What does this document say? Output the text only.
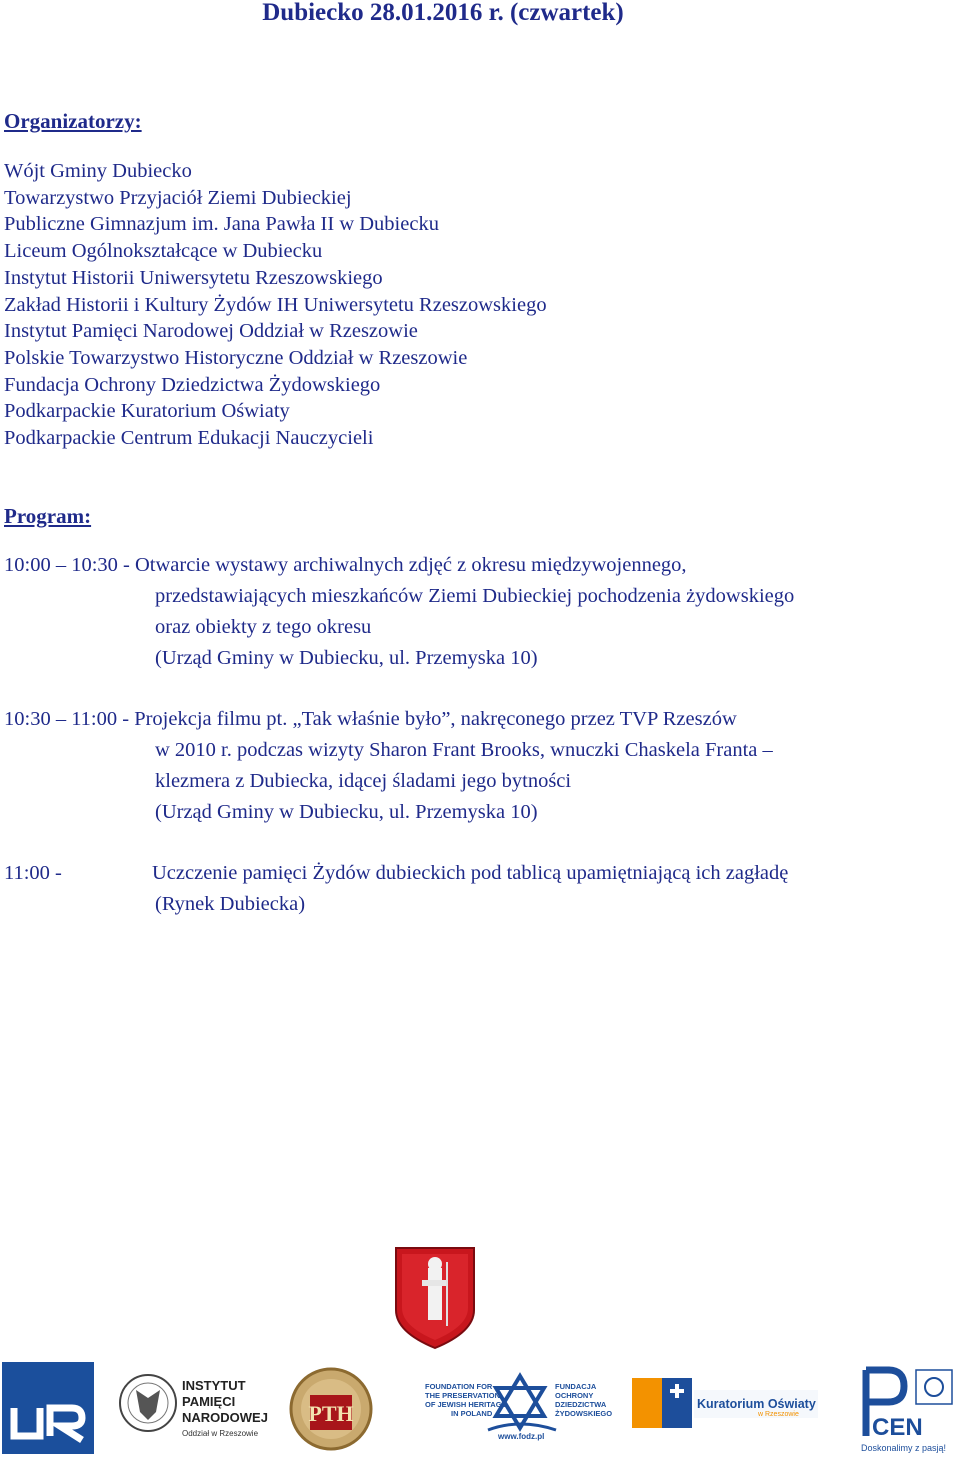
Dubiecko 28.01.2016 r. (czwartek)
Organizatorzy:
Wójt Gminy Dubiecko
Towarzystwo Przyjaciół Ziemi Dubieckiej
Publiczne Gimnazjum im. Jana Pawła II w Dubiecku
Liceum Ogólnokształcące w Dubiecku
Instytut Historii Uniwersytetu Rzeszowskiego
Zakład Historii i Kultury Żydów IH Uniwersytetu Rzeszowskiego
Instytut Pamięci Narodowej Oddział w Rzeszowie
Polskie Towarzystwo Historyczne Oddział w Rzeszowie
Fundacja Ochrony Dziedzictwa Żydowskiego
Podkarpackie Kuratorium Oświaty
Podkarpackie Centrum Edukacji Nauczycieli
Program:
10:00 – 10:30 - Otwarcie wystawy archiwalnych zdjęć z okresu międzywojennego,
przedstawiających mieszkańców Ziemi Dubieckiej pochodzenia żydowskiego
oraz obiekty z tego okresu
(Urząd Gminy w Dubiecku, ul. Przemyska 10)
10:30 – 11:00 - Projekcja filmu pt. „Tak właśnie było”, nakręconego przez TVP Rzeszów
w 2010 r. podczas wizyty Sharon Frant Brooks, wnuczki Chaskela Franta –
klezmera z Dubiecka, idącej śladami jego bytności
(Urząd Gminy w Dubiecku, ul. Przemyska 10)
11:00 -	Uczczenie pamięci Żydów dubieckich pod tablicą upamiętniającą ich zagładę
(Rynek Dubiecka)
INSTYTUT
PAMIĘCI
NARODOWEJ
Oddział w Rzeszowie
PTH
FOUNDATION FOR
THE PRESERVATION
OF JEWISH HERITAGE
IN POLAND
FUNDACJA
OCHRONY
DZIEDZICTWA
ŻYDOWSKIEGO
www.fodz.pl
Kuratorium Oświaty
w Rzeszowie	CEN
Doskonalimy z pasją!
